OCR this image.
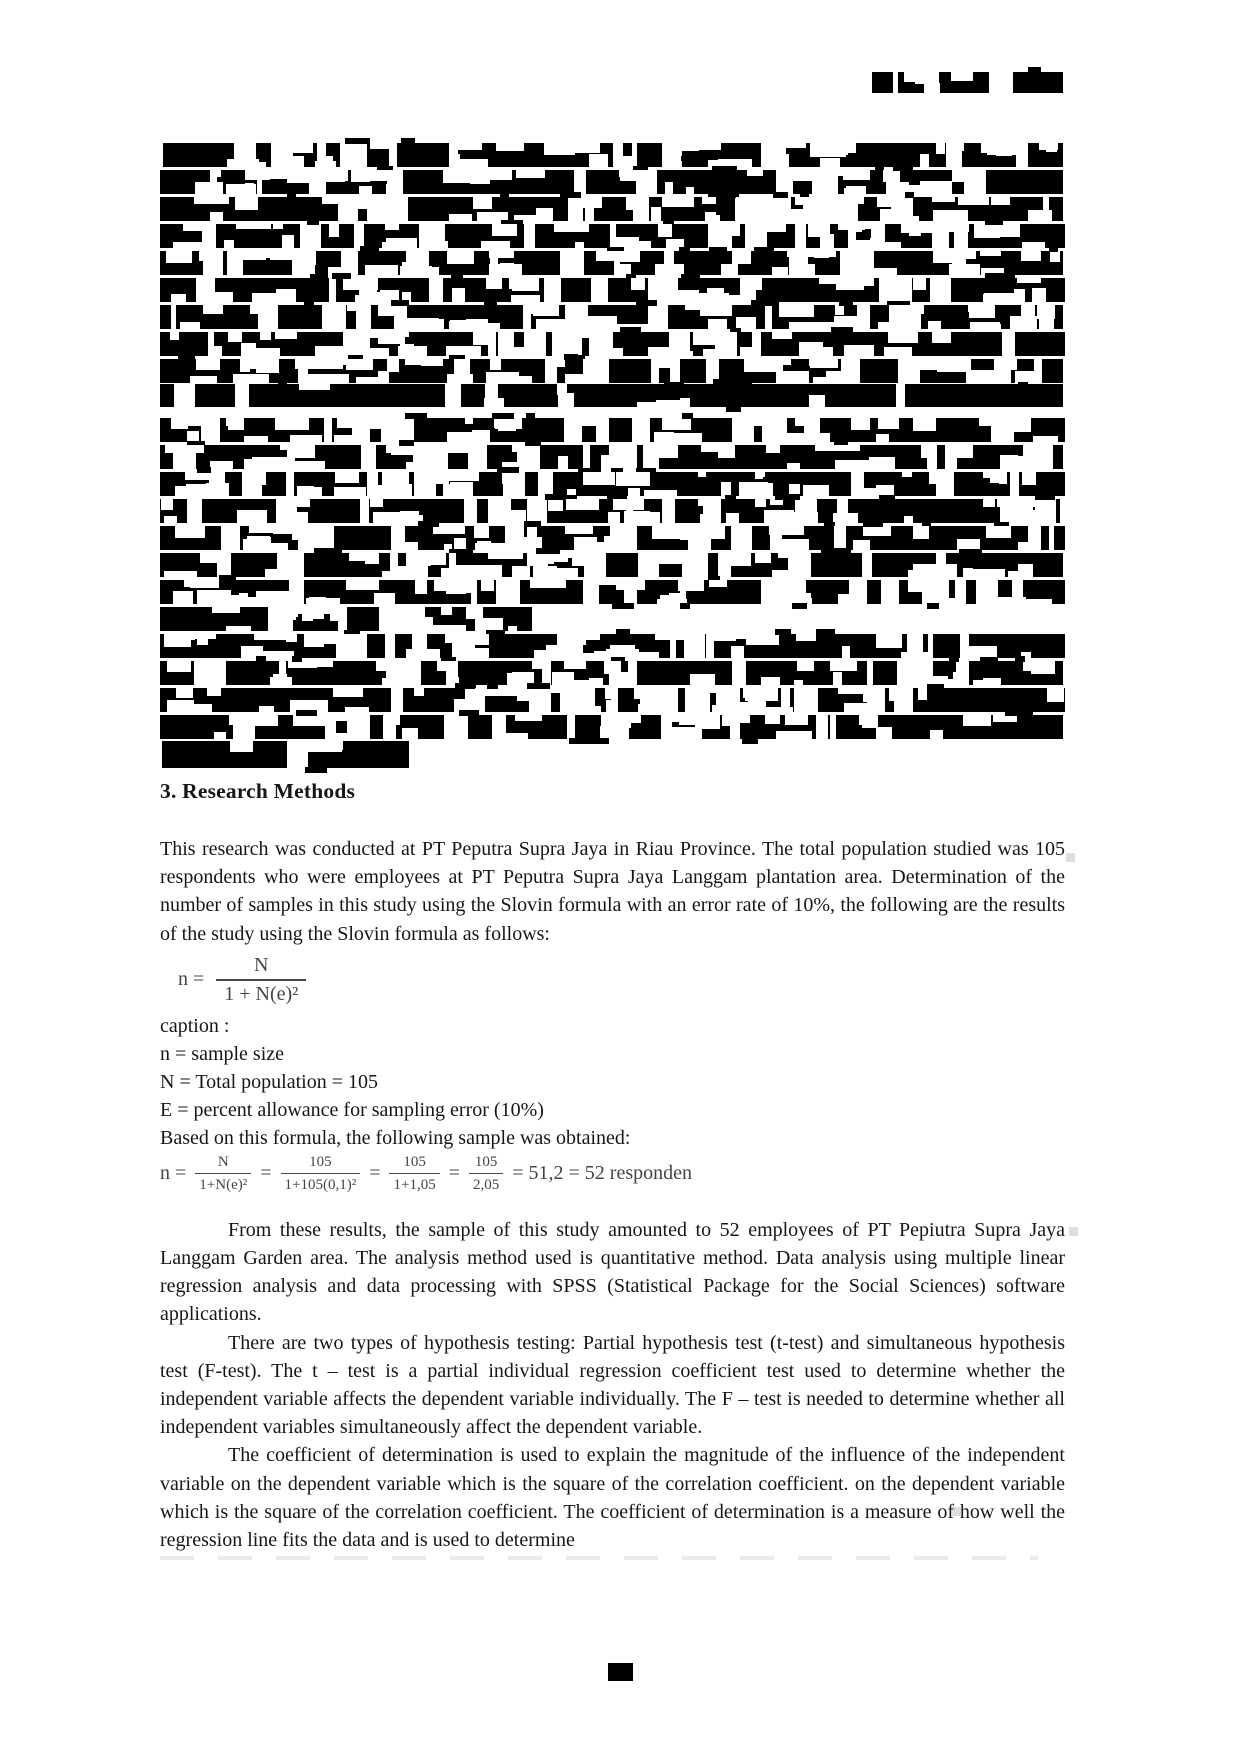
3. Research Methods

This research was conducted at PT Peputra Supra Jaya in Riau Province. The total population studied was 105 respondents who were employees at PT Peputra Supra Jaya Langgam plantation area. Determination of the number of samples in this study using the Slovin formula with an error rate of 10%, the following are the results of the study using the Slovin formula as follows:

$n = \frac{N}{\text{1 + N(e)²}}$
caption :
n = sample size
N = Total population = 105
E = percent allowance for sampling error (10%)
Based on this formula, the following sample was obtained:
$n = \frac{N}{\text{1+N(e)²}} = \frac{105}{\text{1+105(0,1)²}} = \frac{105}{1+1,05} = \frac{105}{2,05} = 51,2 = 52$ responden

From these results, the sample of this study amounted to 52 employees of PT Pepiutra Supra Jaya Langgam Garden area. The analysis method used is quantitative method. Data analysis using multiple linear regression analysis and data processing with SPSS (Statistical Package for the Social Sciences) software applications.

There are two types of hypothesis testing: Partial hypothesis test (t-test) and simultaneous hypothesis test (F-test). The t – test is a partial individual regression coefficient test used to determine whether the independent variable affects the dependent variable individually. The F – test is needed to determine whether all independent variables simultaneously affect the dependent variable.

The coefficient of determination is used to explain the magnitude of the influence of the independent variable on the dependent variable which is the square of the correlation coefficient. on the dependent variable which is the square of the correlation coefficient. The coefficient of determination is a measure of how well the regression line fits the data and is used to determine
